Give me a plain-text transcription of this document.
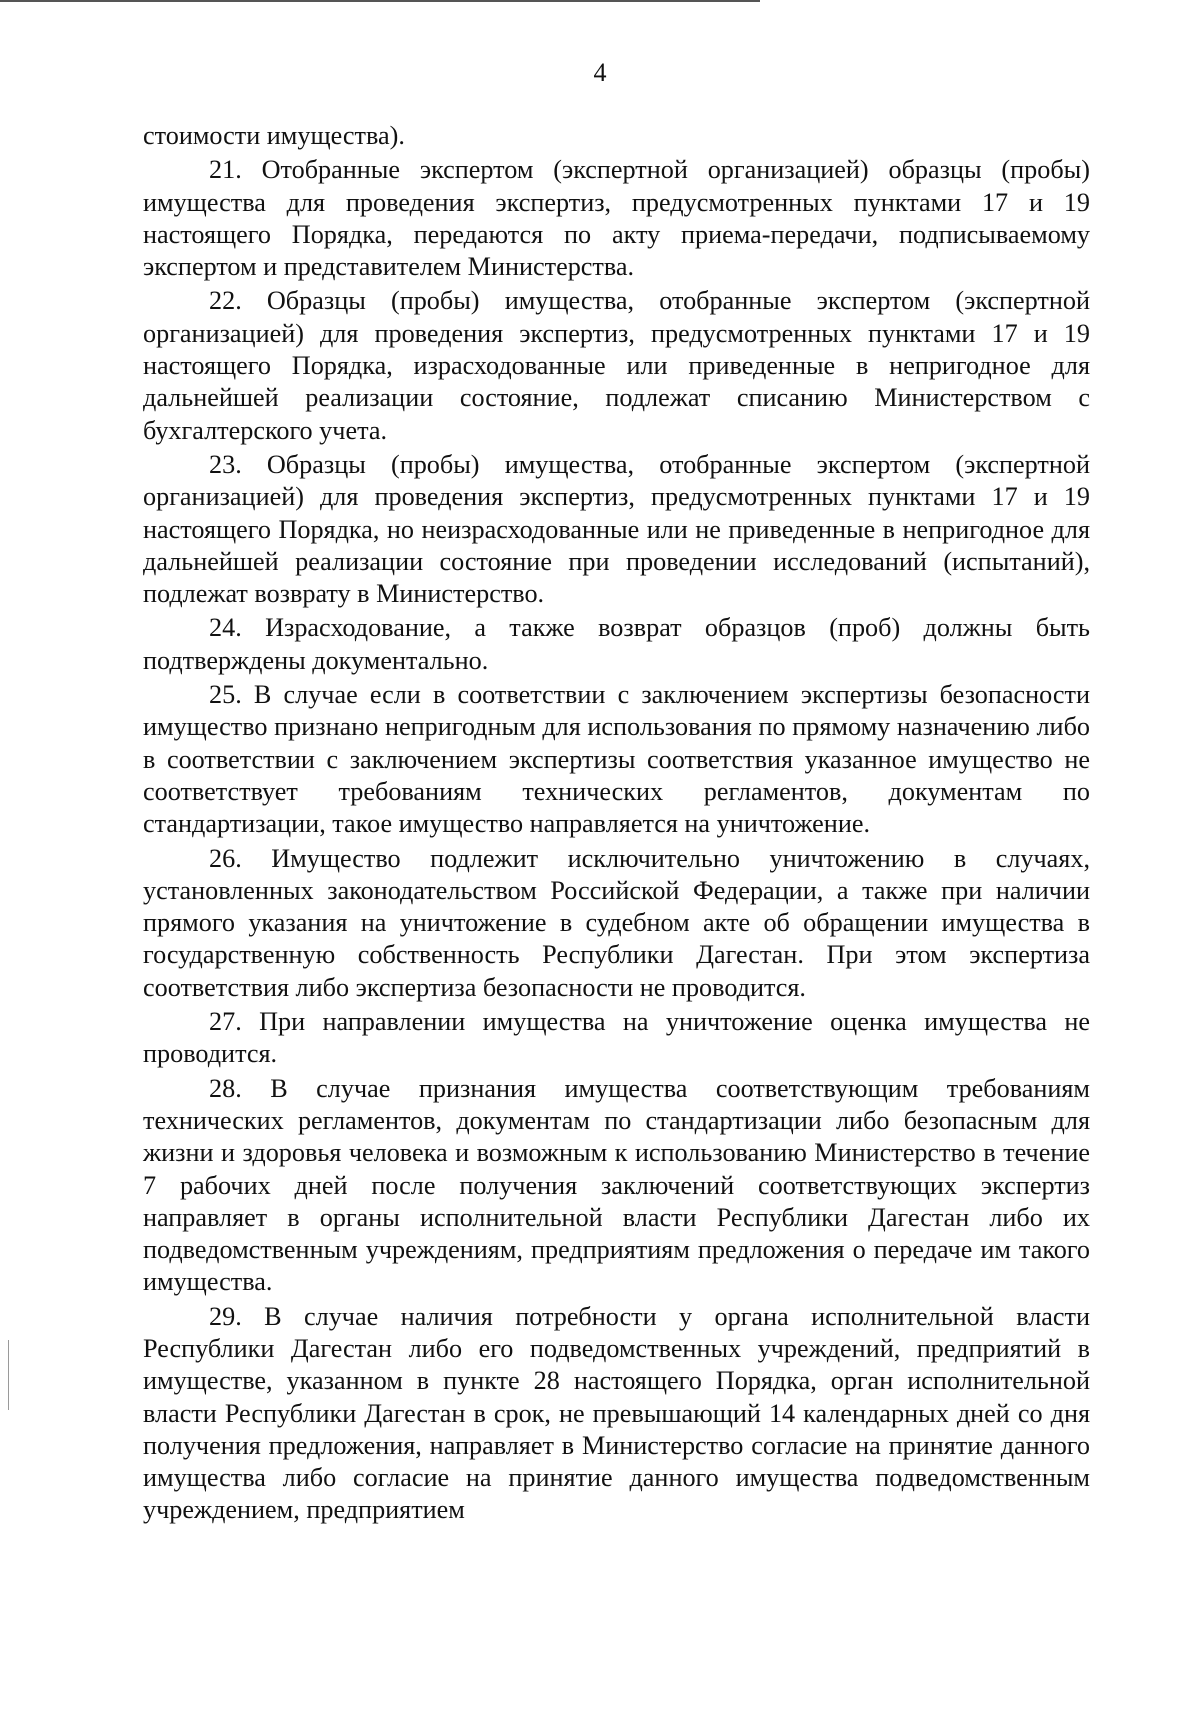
4

стоимости имущества).

21. Отобранные экспертом (экспертной организацией) образцы (пробы) имущества для проведения экспертиз, предусмотренных пунктами 17 и 19 настоящего Порядка, передаются по акту приема-передачи, подписываемому экспертом и представителем Министерства.

22. Образцы (пробы) имущества, отобранные экспертом (экспертной организацией) для проведения экспертиз, предусмотренных пунктами 17 и 19 настоящего Порядка, израсходованные или приведенные в непригодное для дальнейшей реализации состояние, подлежат списанию Министерством с бухгалтерского учета.

23. Образцы (пробы) имущества, отобранные экспертом (экспертной организацией) для проведения экспертиз, предусмотренных пунктами 17 и 19 настоящего Порядка, но неизрасходованные или не приведенные в непригодное для дальнейшей реализации состояние при проведении исследований (испытаний), подлежат возврату в Министерство.

24. Израсходование, а также возврат образцов (проб) должны быть подтверждены документально.

25. В случае если в соответствии с заключением экспертизы безопасности имущество признано непригодным для использования по прямому назначению либо в соответствии с заключением экспертизы соответствия указанное имущество не соответствует требованиям технических регламентов, документам по стандартизации, такое имущество направляется на уничтожение.

26. Имущество подлежит исключительно уничтожению в случаях, установленных законодательством Российской Федерации, а также при наличии прямого указания на уничтожение в судебном акте об обращении имущества в государственную собственность Республики Дагестан. При этом экспертиза соответствия либо экспертиза безопасности не проводится.

27. При направлении имущества на уничтожение оценка имущества не проводится.

28. В случае признания имущества соответствующим требованиям технических регламентов, документам по стандартизации либо безопасным для жизни и здоровья человека и возможным к использованию Министерство в течение 7 рабочих дней после получения заключений соответствующих экспертиз направляет в органы исполнительной власти Республики Дагестан либо их подведомственным учреждениям, предприятиям предложения о передаче им такого имущества.

29. В случае наличия потребности у органа исполнительной власти Республики Дагестан либо его подведомственных учреждений, предприятий в имуществе, указанном в пункте 28 настоящего Порядка, орган исполнительной власти Республики Дагестан в срок, не превышающий 14 календарных дней со дня получения предложения, направляет в Министерство согласие на принятие данного имущества либо согласие на принятие данного имущества подведомственным учреждением, предприятием
